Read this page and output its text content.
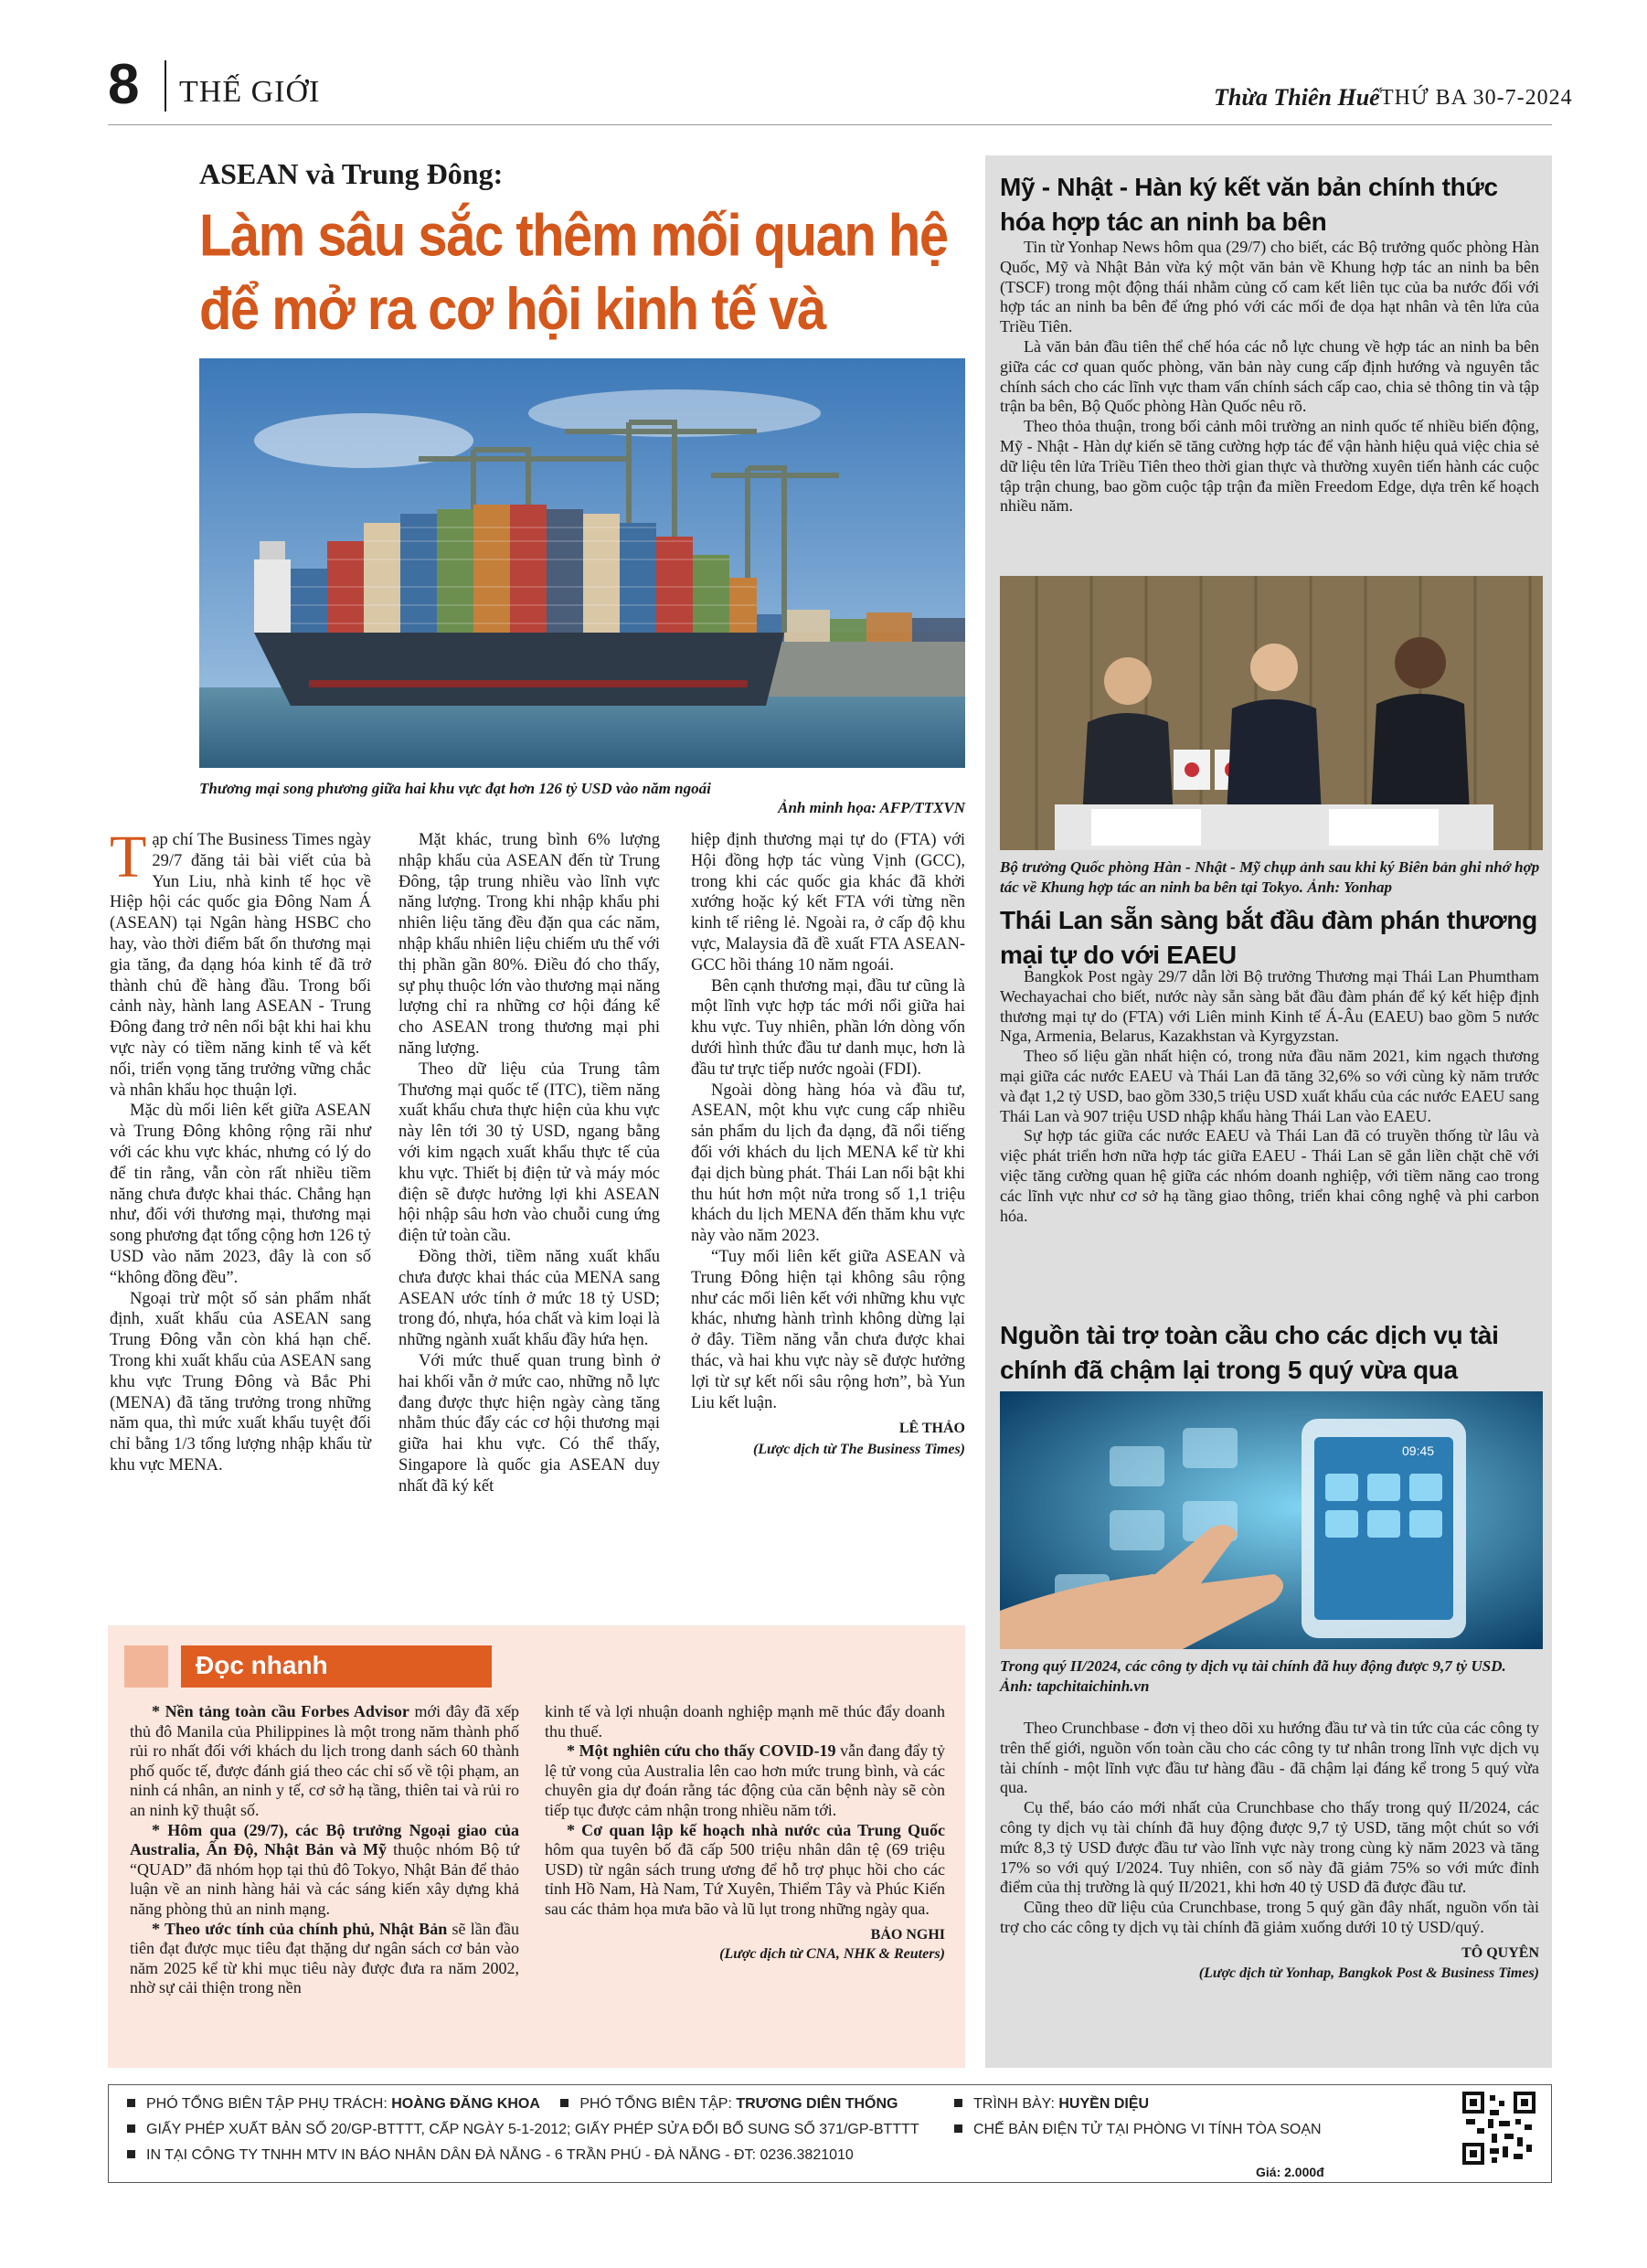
8 THẾ GIỚI	Thừa Thiên Huế THỨ BA 30-7-2024
ASEAN và Trung Đông:
Làm sâu sắc thêm mối quan hệ
để mở ra cơ hội kinh tế và
Thương mại song phương giữa hai khu vực đạt hơn 126 tỷ USD vào năm ngoái
Ảnh minh họa: AFP/TTXVN

Tạp chí The Business Times ngày 29/7 đăng tải bài viết của bà Yun Liu, nhà kinh tế học về Hiệp hội các quốc gia Đông Nam Á (ASEAN) tại Ngân hàng HSBC cho hay, vào thời điểm bất ổn thương mại gia tăng, đa dạng hóa kinh tế đã trở thành chủ đề hàng đầu. Trong bối cảnh này, hành lang ASEAN - Trung Đông đang trở nên nổi bật khi hai khu vực này có tiềm năng kinh tế và kết nối, triển vọng tăng trưởng vững chắc và nhân khẩu học thuận lợi.

Mặc dù mối liên kết giữa ASEAN và Trung Đông không rộng rãi như với các khu vực khác, nhưng có lý do để tin rằng, vẫn còn rất nhiều tiềm năng chưa được khai thác. Chẳng hạn như, đối với thương mại, thương mại song phương đạt tổng cộng hơn 126 tỷ USD vào năm 2023, đây là con số “không đồng đều”.

Ngoại trừ một số sản phẩm nhất định, xuất khẩu của ASEAN sang Trung Đông vẫn còn khá hạn chế. Trong khi xuất khẩu của ASEAN sang khu vực Trung Đông và Bắc Phi (MENA) đã tăng trưởng trong những năm qua, thì mức xuất khẩu tuyệt đối chỉ bằng 1/3 tổng lượng nhập khẩu từ khu vực MENA.

Mặt khác, trung bình 6% lượng nhập khẩu của ASEAN đến từ Trung Đông, tập trung nhiều vào lĩnh vực năng lượng. Trong khi nhập khẩu phi nhiên liệu tăng đều đặn qua các năm, nhập khẩu nhiên liệu chiếm ưu thế với thị phần gần 80%. Điều đó cho thấy, sự phụ thuộc lớn vào thương mại năng lượng chỉ ra những cơ hội đáng kể cho ASEAN trong thương mại phi năng lượng.

Theo dữ liệu của Trung tâm Thương mại quốc tế (ITC), tiềm năng xuất khẩu chưa thực hiện của khu vực này lên tới 30 tỷ USD, ngang bằng với kim ngạch xuất khẩu thực tế của khu vực. Thiết bị điện tử và máy móc điện sẽ được hưởng lợi khi ASEAN hội nhập sâu hơn vào chuỗi cung ứng điện tử toàn cầu.

Đồng thời, tiềm năng xuất khẩu chưa được khai thác của MENA sang ASEAN ước tính ở mức 18 tỷ USD; trong đó, nhựa, hóa chất và kim loại là những ngành xuất khẩu đầy hứa hẹn.

Với mức thuế quan trung bình ở hai khối vẫn ở mức cao, những nỗ lực đang được thực hiện ngày càng tăng nhằm thúc đẩy các cơ hội thương mại giữa hai khu vực. Có thể thấy, Singapore là quốc gia ASEAN duy nhất đã ký kết

hiệp định thương mại tự do (FTA) với Hội đồng hợp tác vùng Vịnh (GCC), trong khi các quốc gia khác đã khởi xướng hoặc ký kết FTA với từng nền kinh tế riêng lẻ. Ngoài ra, ở cấp độ khu vực, Malaysia đã đề xuất FTA ASEAN-GCC hồi tháng 10 năm ngoái.

Bên cạnh thương mại, đầu tư cũng là một lĩnh vực hợp tác mới nổi giữa hai khu vực. Tuy nhiên, phần lớn dòng vốn dưới hình thức đầu tư danh mục, hơn là đầu tư trực tiếp nước ngoài (FDI).

Ngoài dòng hàng hóa và đầu tư, ASEAN, một khu vực cung cấp nhiều sản phẩm du lịch đa dạng, đã nổi tiếng đối với khách du lịch MENA kể từ khi đại dịch bùng phát. Thái Lan nổi bật khi thu hút hơn một nửa trong số 1,1 triệu khách du lịch MENA đến thăm khu vực này vào năm 2023.

“Tuy mối liên kết giữa ASEAN và Trung Đông hiện tại không sâu rộng như các mối liên kết với những khu vực khác, nhưng hành trình không dừng lại ở đây. Tiềm năng vẫn chưa được khai thác, và hai khu vực này sẽ được hưởng lợi từ sự kết nối sâu rộng hơn”, bà Yun Liu kết luận.

LÊ THẢO

(Lược dịch từ The Business Times)

Đọc nhanh

* Nền tảng toàn cầu Forbes Advisor mới đây đã xếp thủ đô Manila của Philippines là một trong năm thành phố rủi ro nhất đối với khách du lịch trong danh sách 60 thành phố quốc tế, được đánh giá theo các chỉ số về tội phạm, an ninh cá nhân, an ninh y tế, cơ sở hạ tầng, thiên tai và rủi ro an ninh kỹ thuật số.

* Hôm qua (29/7), các Bộ trưởng Ngoại giao của Australia, Ấn Độ, Nhật Bản và Mỹ thuộc nhóm Bộ tứ “QUAD” đã nhóm họp tại thủ đô Tokyo, Nhật Bản để thảo luận về an ninh hàng hải và các sáng kiến xây dựng khả năng phòng thủ an ninh mạng.

* Theo ước tính của chính phủ, Nhật Bản sẽ lần đầu tiên đạt được mục tiêu đạt thặng dư ngân sách cơ bản vào năm 2025 kể từ khi mục tiêu này được đưa ra năm 2002, nhờ sự cải thiện trong nền

kinh tế và lợi nhuận doanh nghiệp mạnh mẽ thúc đẩy doanh thu thuế.

* Một nghiên cứu cho thấy COVID-19 vẫn đang đẩy tỷ lệ tử vong của Australia lên cao hơn mức trung bình, và các chuyên gia dự đoán rằng tác động của căn bệnh này sẽ còn tiếp tục được cảm nhận trong nhiều năm tới.

* Cơ quan lập kế hoạch nhà nước của Trung Quốc hôm qua tuyên bố đã cấp 500 triệu nhân dân tệ (69 triệu USD) từ ngân sách trung ương để hỗ trợ phục hồi cho các tỉnh Hồ Nam, Hà Nam, Tứ Xuyên, Thiểm Tây và Phúc Kiến sau các thảm họa mưa bão và lũ lụt trong những ngày qua.

BẢO NGHI

(Lược dịch từ CNA, NHK & Reuters)

Mỹ - Nhật - Hàn ký kết văn bản chính thức hóa hợp tác an ninh ba bên

Tin từ Yonhap News hôm qua (29/7) cho biết, các Bộ trưởng quốc phòng Hàn Quốc, Mỹ và Nhật Bản vừa ký một văn bản về Khung hợp tác an ninh ba bên (TSCF) trong một động thái nhằm củng cố cam kết liên tục của ba nước đối với hợp tác an ninh ba bên để ứng phó với các mối đe dọa hạt nhân và tên lửa của Triều Tiên.

Là văn bản đầu tiên thể chế hóa các nỗ lực chung về hợp tác an ninh ba bên giữa các cơ quan quốc phòng, văn bản này cung cấp định hướng và nguyên tắc chính sách cho các lĩnh vực tham vấn chính sách cấp cao, chia sẻ thông tin và tập trận ba bên, Bộ Quốc phòng Hàn Quốc nêu rõ.

Theo thỏa thuận, trong bối cảnh môi trường an ninh quốc tế nhiều biến động, Mỹ - Nhật - Hàn dự kiến sẽ tăng cường hợp tác để vận hành hiệu quả việc chia sẻ dữ liệu tên lửa Triều Tiên theo thời gian thực và thường xuyên tiến hành các cuộc tập trận chung, bao gồm cuộc tập trận đa miền Freedom Edge, dựa trên kế hoạch nhiều năm.

Bộ trưởng Quốc phòng Hàn - Nhật - Mỹ chụp ảnh sau khi ký Biên bản ghi nhớ hợp tác về Khung hợp tác an ninh ba bên tại Tokyo. Ảnh: Yonhap
Thái Lan sẵn sàng bắt đầu đàm phán thương mại tự do với EAEU

Bangkok Post ngày 29/7 dẫn lời Bộ trưởng Thương mại Thái Lan Phumtham Wechayachai cho biết, nước này sẵn sàng bắt đầu đàm phán để ký kết hiệp định thương mại tự do (FTA) với Liên minh Kinh tế Á-Âu (EAEU) bao gồm 5 nước Nga, Armenia, Belarus, Kazakhstan và Kyrgyzstan.

Theo số liệu gần nhất hiện có, trong nửa đầu năm 2021, kim ngạch thương mại giữa các nước EAEU và Thái Lan đã tăng 32,6% so với cùng kỳ năm trước và đạt 1,2 tỷ USD, bao gồm 330,5 triệu USD xuất khẩu của các nước EAEU sang Thái Lan và 907 triệu USD nhập khẩu hàng Thái Lan vào EAEU.

Sự hợp tác giữa các nước EAEU và Thái Lan đã có truyền thống từ lâu và việc phát triển hơn nữa hợp tác giữa EAEU - Thái Lan sẽ gắn liền chặt chẽ với việc tăng cường quan hệ giữa các nhóm doanh nghiệp, với tiềm năng cao trong các lĩnh vực như cơ sở hạ tầng giao thông, triển khai công nghệ và phi carbon hóa.

Nguồn tài trợ toàn cầu cho các dịch vụ tài chính đã chậm lại trong 5 quý vừa qua
09:45
Trong quý II/2024, các công ty dịch vụ tài chính đã huy động được 9,7 tỷ USD. Ảnh: tapchitaichinh.vn

Theo Crunchbase - đơn vị theo dõi xu hướng đầu tư và tin tức của các công ty trên thế giới, nguồn vốn toàn cầu cho các công ty tư nhân trong lĩnh vực dịch vụ tài chính - một lĩnh vực đầu tư hàng đầu - đã chậm lại đáng kể trong 5 quý vừa qua.

Cụ thể, báo cáo mới nhất của Crunchbase cho thấy trong quý II/2024, các công ty dịch vụ tài chính đã huy động được 9,7 tỷ USD, tăng một chút so với mức 8,3 tỷ USD được đầu tư vào lĩnh vực này trong cùng kỳ năm 2023 và tăng 17% so với quý I/2024. Tuy nhiên, con số này đã giảm 75% so với mức đỉnh điểm của thị trường là quý II/2021, khi hơn 40 tỷ USD đã được đầu tư.

Cũng theo dữ liệu của Crunchbase, trong 5 quý gần đây nhất, nguồn vốn tài trợ cho các công ty dịch vụ tài chính đã giảm xuống dưới 10 tỷ USD/quý.

TÔ QUYÊN

(Lược dịch từ Yonhap, Bangkok Post & Business Times)

PHÓ TỔNG BIÊN TẬP PHỤ TRÁCH: HOÀNG ĐĂNG KHOA	PHÓ TỔNG BIÊN TẬP: TRƯƠNG DIÊN THỐNG	TRÌNH BÀY: HUYỀN DIỆU
GIẤY PHÉP XUẤT BẢN SỐ 20/GP-BTTTT, CẤP NGÀY 5-1-2012; GIẤY PHÉP SỬA ĐỔI BỔ SUNG SỐ 371/GP-BTTTT	CHẾ BẢN ĐIỆN TỬ TẠI PHÒNG VI TÍNH TÒA SOẠN
IN TẠI CÔNG TY TNHH MTV IN BÁO NHÂN DÂN ĐÀ NẴNG - 6 TRẦN PHÚ - ĐÀ NẴNG - ĐT: 0236.3821010
Giá: 2.000đ
